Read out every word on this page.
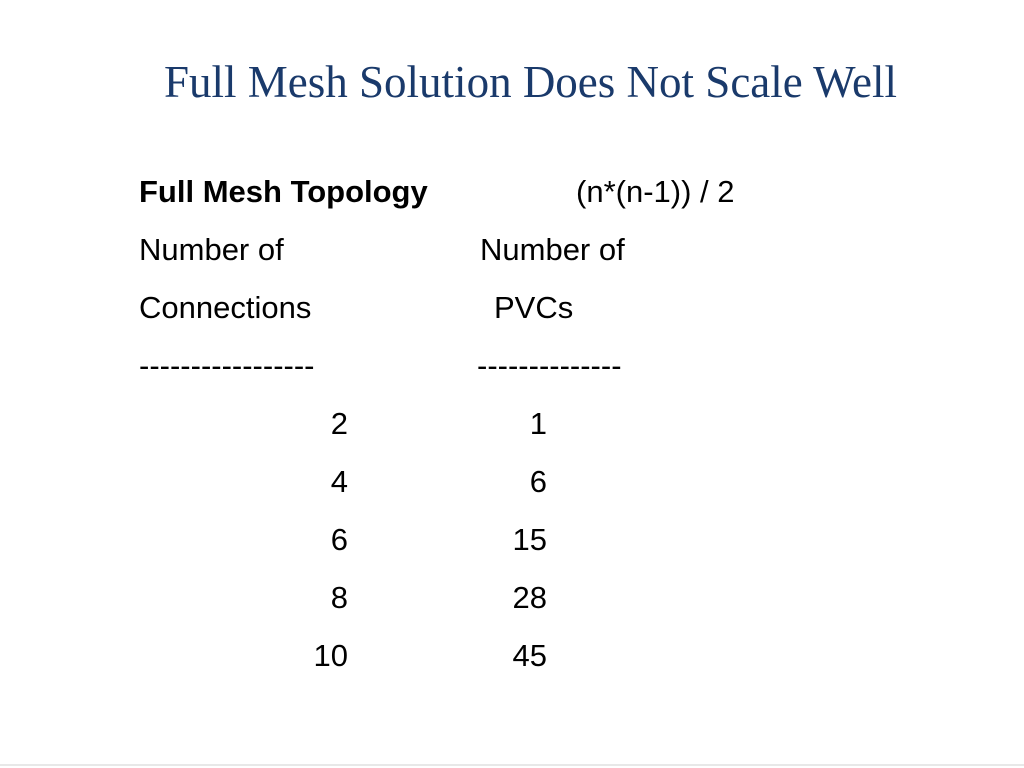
Full Mesh Solution Does Not Scale Well
Full Mesh Topology	(n*(n-1)) / 2
Number of	Number of
Connections	PVCs
-----------------	--------------
2	1
4	6
6	15
8	28
10	45
